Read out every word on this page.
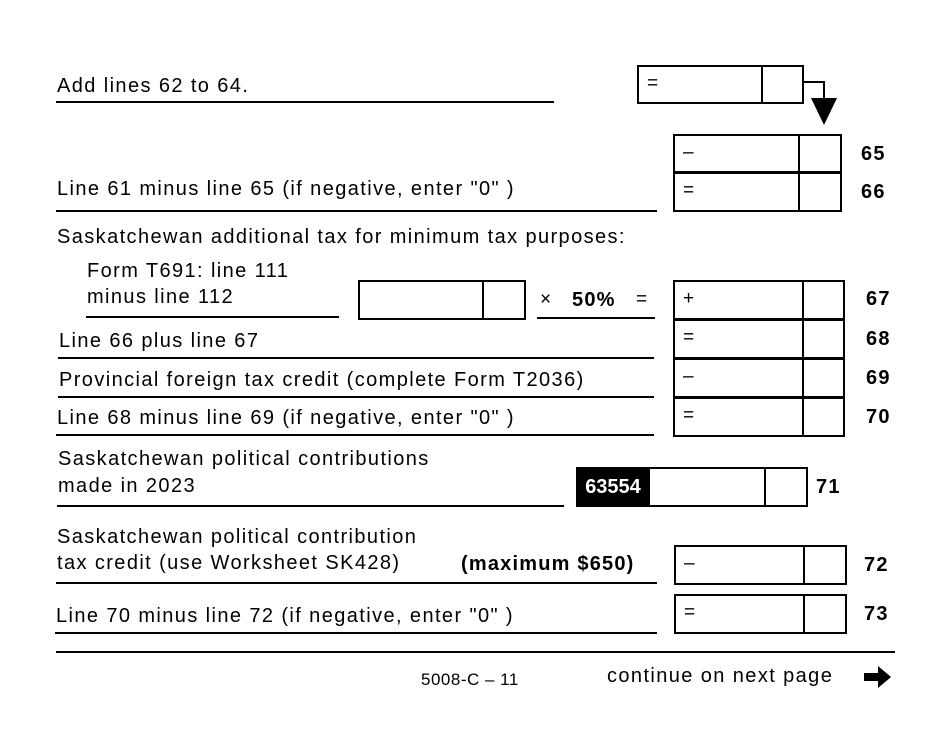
Add lines 62 to 64.	=
–	65
Line 61 minus line 65 (if negative, enter "0" )	=	66
Saskatchewan additional tax for minimum tax purposes:
Form T691: line 111
minus line 112	× 50% = +	67
Line 66 plus line 67	=	68
Provincial foreign tax credit (complete Form T2036)	–	69
Line 68 minus line 69 (if negative, enter "0" )	=	70
Saskatchewan political contributions
made in 2023	63554	71
Saskatchewan political contribution
tax credit (use Worksheet SK428)	(maximum $650)	–	72
Line 70 minus line 72 (if negative, enter "0" )	=	73
5008-C – 11	continue on next page
